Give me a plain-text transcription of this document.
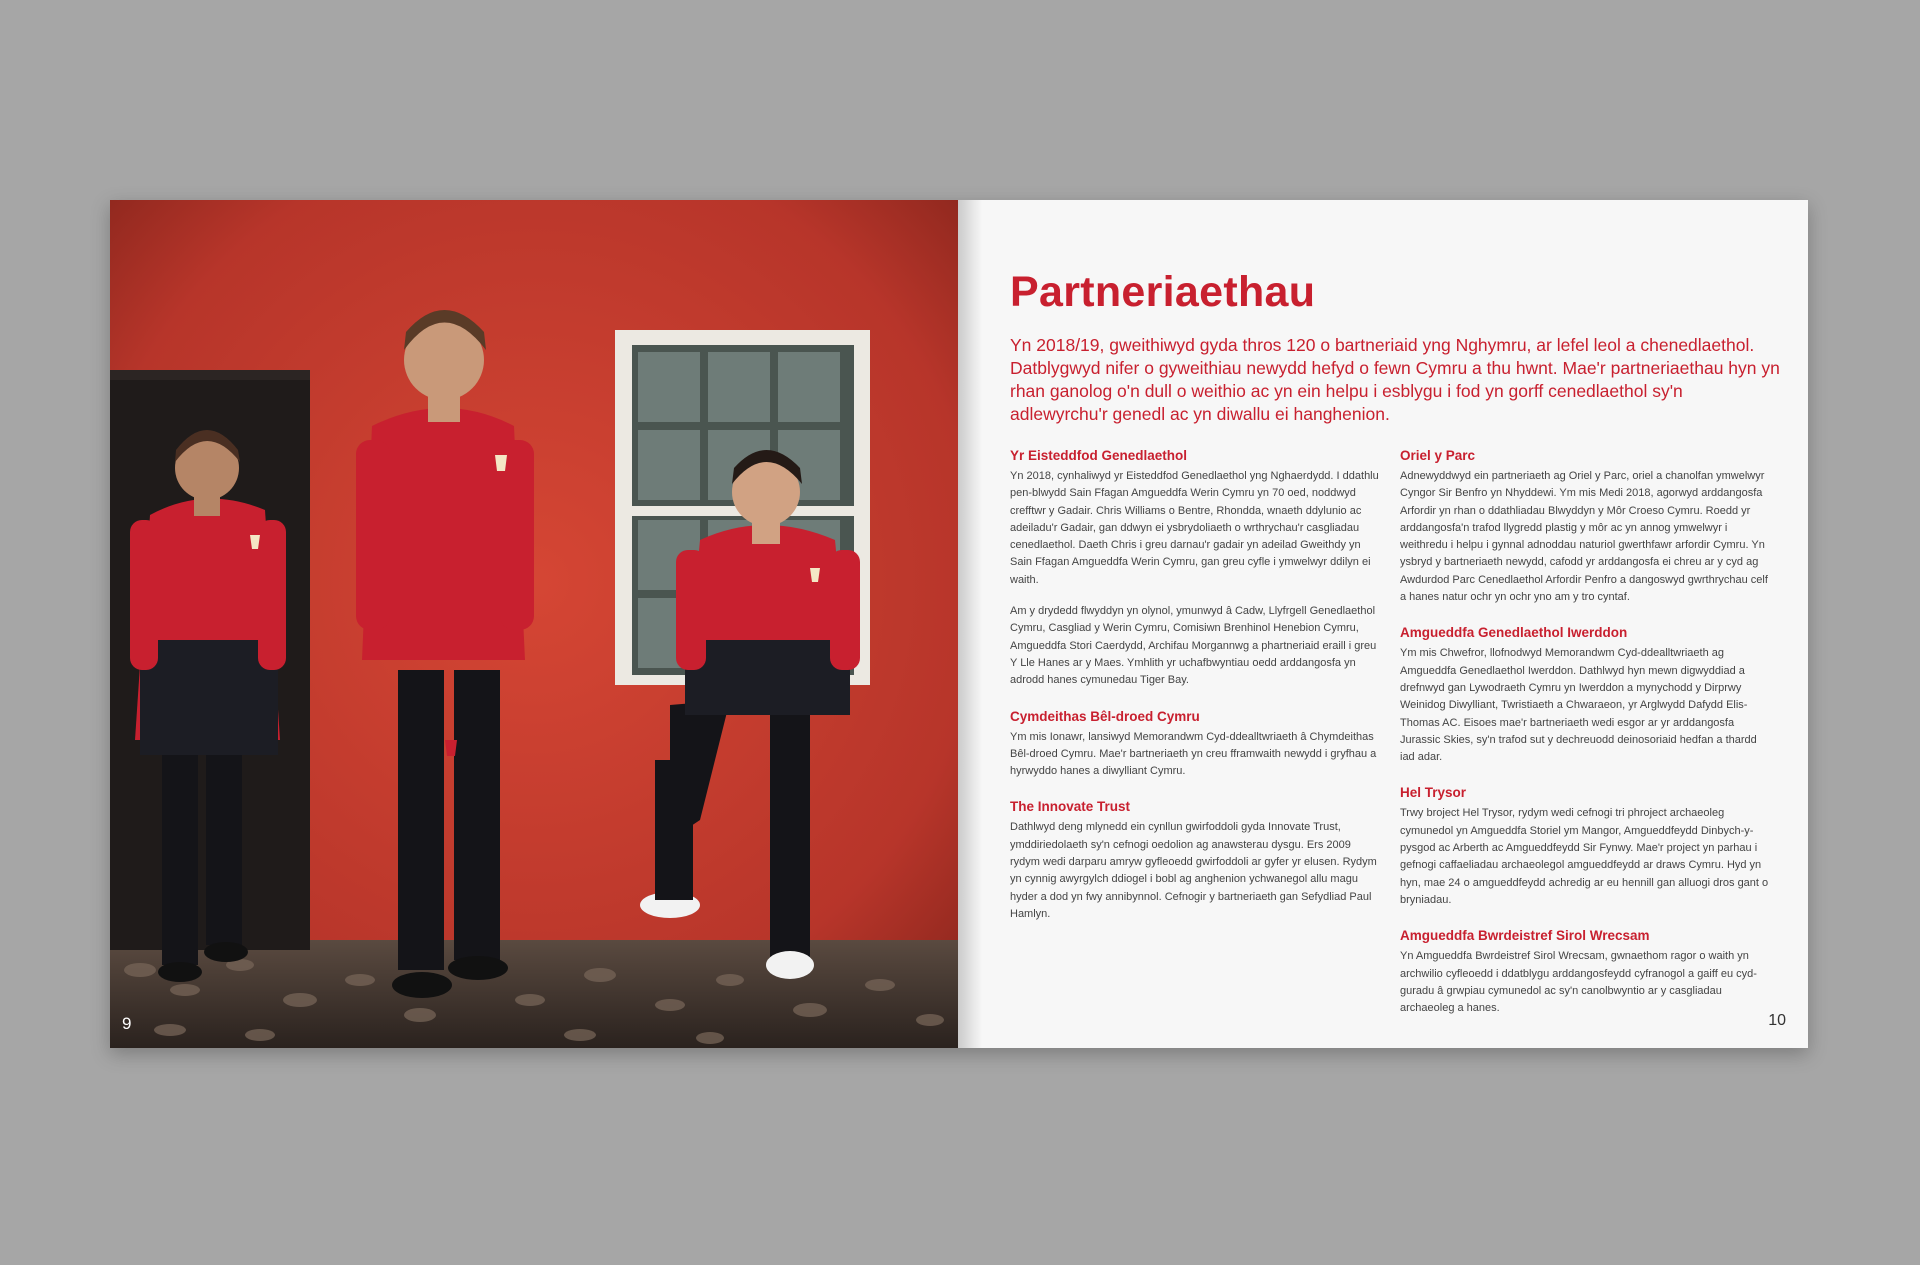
9
Partneriaethau

Yn 2018/19, gweithiwyd gyda thros 120 o bartneriaid yng Nghymru, ar lefel leol a chenedlaethol. Datblygwyd nifer o gyweithiau newydd hefyd o fewn Cymru a thu hwnt. Mae'r partneriaethau hyn yn rhan ganolog o'n dull o weithio ac yn ein helpu i esblygu i fod yn gorff cenedlaethol sy'n adlewyrchu'r genedl ac yn diwallu ei hanghenion.

Yr Eisteddfod Genedlaethol

Yn 2018, cynhaliwyd yr Eisteddfod Genedlaethol yng Nghaerdydd. I ddathlu pen-blwydd Sain Ffagan Amgueddfa Werin Cymru yn 70 oed, noddwyd crefftwr y Gadair. Chris Williams o Bentre, Rhondda, wnaeth ddylunio ac adeiladu'r Gadair, gan ddwyn ei ysbrydoliaeth o wrthrychau'r casgliadau cenedlaethol. Daeth Chris i greu darnau'r gadair yn adeilad Gweithdy yn Sain Ffagan Amgueddfa Werin Cymru, gan greu cyfle i ymwelwyr ddilyn ei waith.

Am y drydedd flwyddyn yn olynol, ymunwyd â Cadw, Llyfrgell Genedlaethol Cymru, Casgliad y Werin Cymru, Comisiwn Brenhinol Henebion Cymru, Amgueddfa Stori Caerdydd, Archifau Morgannwg a phartneriaid eraill i greu Y Lle Hanes ar y Maes. Ymhlith yr uchafbwyntiau oedd arddangosfa yn adrodd hanes cymunedau Tiger Bay.

Cymdeithas Bêl-droed Cymru

Ym mis Ionawr, lansiwyd Memorandwm Cyd-ddealltwriaeth â Chymdeithas Bêl-droed Cymru. Mae'r bartneriaeth yn creu fframwaith newydd i gryfhau a hyrwyddo hanes a diwylliant Cymru.

The Innovate Trust

Dathlwyd deng mlynedd ein cynllun gwirfoddoli gyda Innovate Trust, ymddiriedolaeth sy'n cefnogi oedolion ag anawsterau dysgu. Ers 2009 rydym wedi darparu amryw gyfleoedd gwirfoddoli ar gyfer yr elusen. Rydym yn cynnig awyrgylch ddiogel i bobl ag anghenion ychwanegol allu magu hyder a dod yn fwy annibynnol. Cefnogir y bartneriaeth gan Sefydliad Paul Hamlyn.

Oriel y Parc

Adnewyddwyd ein partneriaeth ag Oriel y Parc, oriel a chanolfan ymwelwyr Cyngor Sir Benfro yn Nhyddewi. Ym mis Medi 2018, agorwyd arddangosfa Arfordir yn rhan o ddathliadau Blwyddyn y Môr Croeso Cymru. Roedd yr arddangosfa'n trafod llygredd plastig y môr ac yn annog ymwelwyr i weithredu i helpu i gynnal adnoddau naturiol gwerthfawr arfordir Cymru. Yn ysbryd y bartneriaeth newydd, cafodd yr arddangosfa ei chreu ar y cyd ag Awdurdod Parc Cenedlaethol Arfordir Penfro a dangoswyd gwrthrychau celf a hanes natur ochr yn ochr yno am y tro cyntaf.

Amgueddfa Genedlaethol Iwerddon

Ym mis Chwefror, llofnodwyd Memorandwm Cyd-ddealltwriaeth ag Amgueddfa Genedlaethol Iwerddon. Dathlwyd hyn mewn digwyddiad a drefnwyd gan Lywodraeth Cymru yn Iwerddon a mynychodd y Dirprwy Weinidog Diwylliant, Twristiaeth a Chwaraeon, yr Arglwydd Dafydd Elis-Thomas AC. Eisoes mae'r bartneriaeth wedi esgor ar yr arddangosfa Jurassic Skies, sy'n trafod sut y dechreuodd deinosoriaid hedfan a thardd iad adar.

Hel Trysor

Trwy broject Hel Trysor, rydym wedi cefnogi tri phroject archaeoleg cymunedol yn Amgueddfa Storiel ym Mangor, Amgueddfeydd Dinbych-y-pysgod ac Arberth ac Amgueddfeydd Sir Fynwy. Mae'r project yn parhau i gefnogi caffaeliadau archaeolegol amgueddfeydd ar draws Cymru. Hyd yn hyn, mae 24 o amgueddfeydd achredig ar eu hennill gan alluogi dros gant o bryniadau.

Amgueddfa Bwrdeistref Sirol Wrecsam

Yn Amgueddfa Bwrdeistref Sirol Wrecsam, gwnaethom ragor o waith yn archwilio cyfleoedd i ddatblygu arddangosfeydd cyfranogol a gaiff eu cyd-guradu â grwpiau cymunedol ac sy'n canolbwyntio ar y casgliadau archaeoleg a hanes.

10
